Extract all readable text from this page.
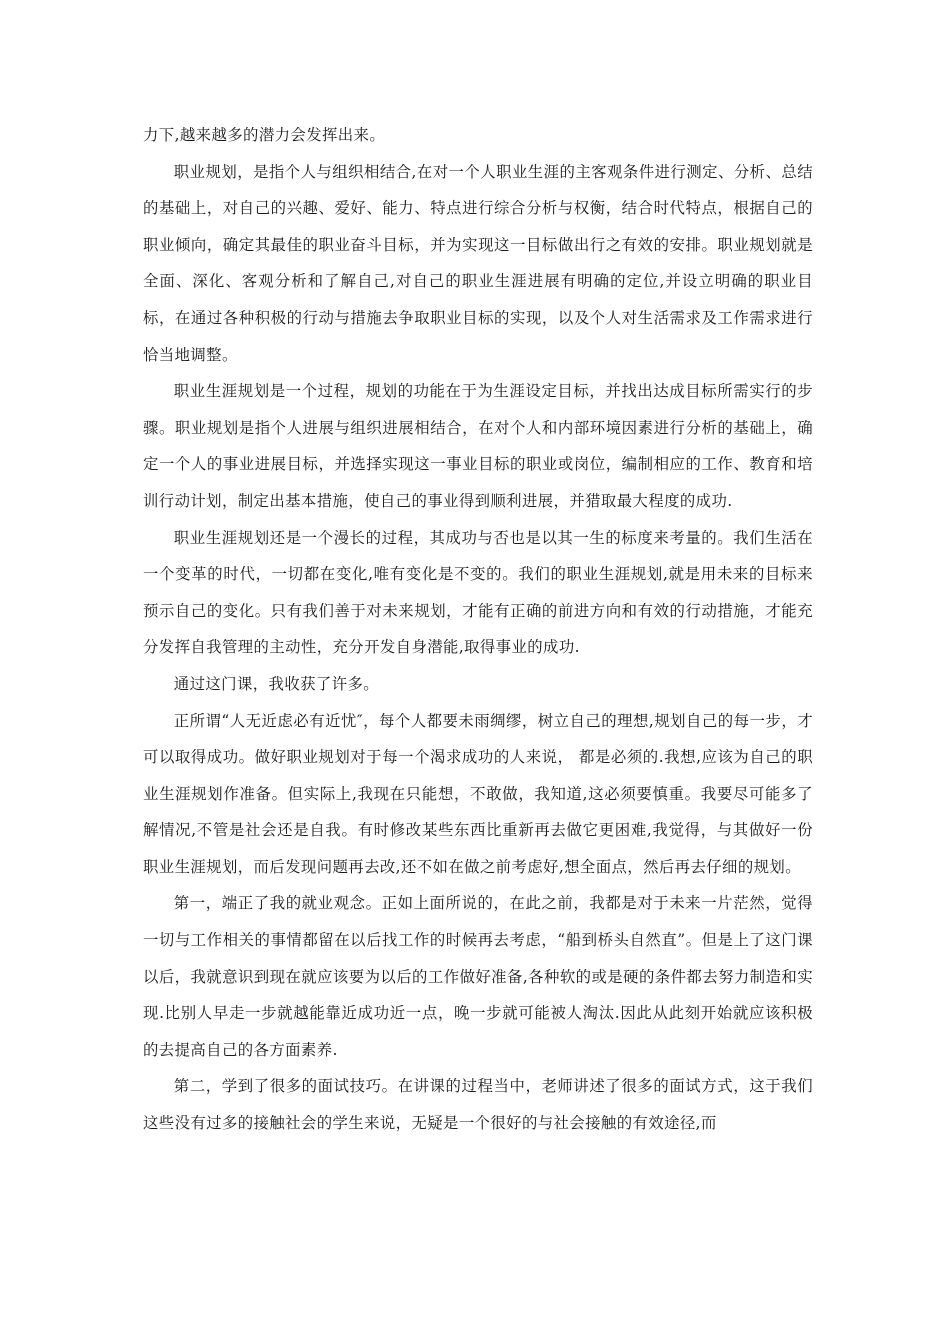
力下,越来越多的潜力会发挥出来。

职业规划，是指个人与组织相结合,在对一个人职业生涯的主客观条件进行测定、分析、总结的基础上，对自己的兴趣、爱好、能力、特点进行综合分析与权衡，结合时代特点，根据自己的职业倾向，确定其最佳的职业奋斗目标，并为实现这一目标做出行之有效的安排。职业规划就是全面、深化、客观分析和了解自己,对自己的职业生涯进展有明确的定位,并设立明确的职业目标，在通过各种积极的行动与措施去争取职业目标的实现，以及个人对生活需求及工作需求进行恰当地调整。

职业生涯规划是一个过程，规划的功能在于为生涯设定目标，并找出达成目标所需实行的步骤。职业规划是指个人进展与组织进展相结合，在对个人和内部环境因素进行分析的基础上，确定一个人的事业进展目标，并选择实现这一事业目标的职业或岗位，编制相应的工作、教育和培训行动计划，制定出基本措施，使自己的事业得到顺利进展，并猎取最大程度的成功.

职业生涯规划还是一个漫长的过程，其成功与否也是以其一生的标度来考量的。我们生活在一个变革的时代，一切都在变化,唯有变化是不变的。我们的职业生涯规划,就是用未来的目标来预示自己的变化。只有我们善于对未来规划，才能有正确的前进方向和有效的行动措施，才能充分发挥自我管理的主动性，充分开发自身潜能,取得事业的成功.

通过这门课，我收获了许多。

正所谓“人无近虑必有近忧″，每个人都要未雨绸缪，树立自己的理想,规划自己的每一步，才可以取得成功。做好职业规划对于每一个渴求成功的人来说， 都是必须的.我想,应该为自己的职业生涯规划作准备。但实际上,我现在只能想，不敢做，我知道,这必须要慎重。我要尽可能多了解情况,不管是社会还是自我。有时修改某些东西比重新再去做它更困难,我觉得，与其做好一份职业生涯规划，而后发现问题再去改,还不如在做之前考虑好,想全面点，然后再去仔细的规划。

第一，端正了我的就业观念。正如上面所说的，在此之前，我都是对于未来一片茫然，觉得一切与工作相关的事情都留在以后找工作的时候再去考虑，“船到桥头自然直”。但是上了这门课以后，我就意识到现在就应该要为以后的工作做好准备,各种软的或是硬的条件都去努力制造和实现.比别人早走一步就越能靠近成功近一点，晚一步就可能被人淘汰.因此从此刻开始就应该积极的去提高自己的各方面素养.

第二，学到了很多的面试技巧。在讲课的过程当中，老师讲述了很多的面试方式，这于我们这些没有过多的接触社会的学生来说，无疑是一个很好的与社会接触的有效途径,而
